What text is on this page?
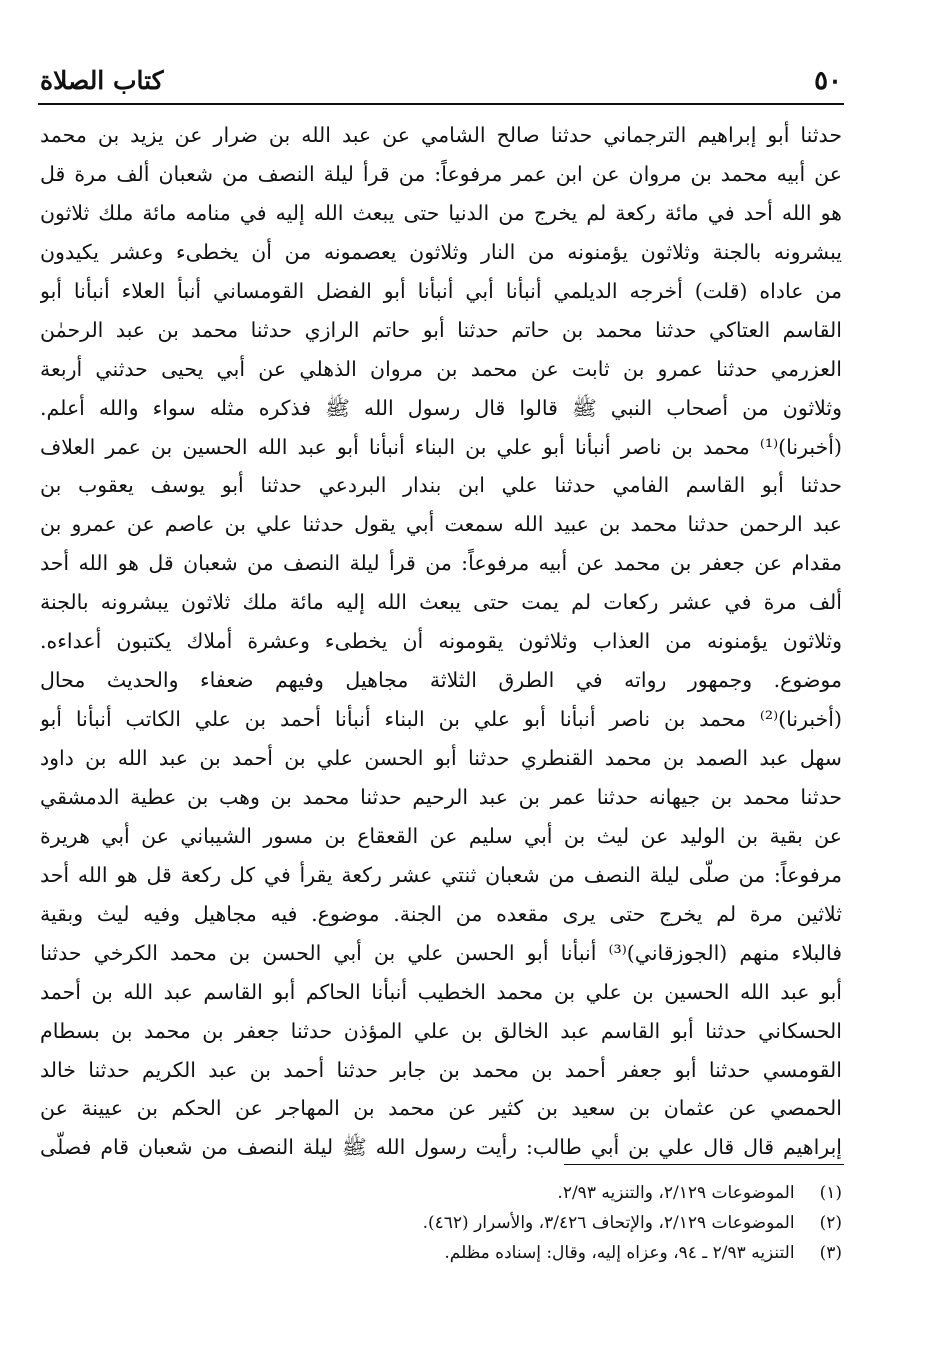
٥٠
كتاب الصلاة
حدثنا أبو إبراهيم الترجماني حدثنا صالح الشامي عن عبد الله بن ضرار عن يزيد بن محمد
عن أبيه محمد بن مروان عن ابن عمر مرفوعاً: من قرأ ليلة النصف من شعبان ألف مرة قل
هو الله أحد في مائة ركعة لم يخرج من الدنيا حتى يبعث الله إليه في منامه مائة ملك ثلاثون
يبشرونه بالجنة وثلاثون يؤمنونه من النار وثلاثون يعصمونه من أن يخطىء وعشر يكيدون
من عاداه (قلت) أخرجه الديلمي أنبأنا أبي أنبأنا أبو الفضل القومساني أنبأ العلاء أنبأنا أبو
القاسم العتاكي حدثنا محمد بن حاتم حدثنا أبو حاتم الرازي حدثنا محمد بن عبد الرحمٰن
العزرمي حدثنا عمرو بن ثابت عن محمد بن مروان الذهلي عن أبي يحيى حدثني أربعة
وثلاثون من أصحاب النبي ﷺ قالوا قال رسول الله ﷺ فذكره مثله سواء والله أعلم.
(أخبرنا)⁽¹⁾ محمد بن ناصر أنبأنا أبو علي بن البناء أنبأنا أبو عبد الله الحسين بن عمر العلاف
حدثنا أبو القاسم الفامي حدثنا علي ابن بندار البردعي حدثنا أبو يوسف يعقوب بن
عبد الرحمن حدثنا محمد بن عبيد الله سمعت أبي يقول حدثنا علي بن عاصم عن عمرو بن
مقدام عن جعفر بن محمد عن أبيه مرفوعاً: من قرأ ليلة النصف من شعبان قل هو الله أحد
ألف مرة في عشر ركعات لم يمت حتى يبعث الله إليه مائة ملك ثلاثون يبشرونه بالجنة
وثلاثون يؤمنونه من العذاب وثلاثون يقومونه أن يخطىء وعشرة أملاك يكتبون أعداءه.
موضوع. وجمهور رواته في الطرق الثلاثة مجاهيل وفيهم ضعفاء والحديث محال
(أخبرنا)⁽²⁾ محمد بن ناصر أنبأنا أبو علي بن البناء أنبأنا أحمد بن علي الكاتب أنبأنا أبو
سهل عبد الصمد بن محمد القنطري حدثنا أبو الحسن علي بن أحمد بن عبد الله بن داود
حدثنا محمد بن جيهانه حدثنا عمر بن عبد الرحيم حدثنا محمد بن وهب بن عطية الدمشقي
عن بقية بن الوليد عن ليث بن أبي سليم عن القعقاع بن مسور الشيباني عن أبي هريرة
مرفوعاً: من صلّى ليلة النصف من شعبان ثنتي عشر ركعة يقرأ في كل ركعة قل هو الله أحد
ثلاثين مرة لم يخرج حتى يرى مقعده من الجنة. موضوع. فيه مجاهيل وفيه ليث وبقية
فالبلاء منهم (الجوزقاني)⁽³⁾ أنبأنا أبو الحسن علي بن أبي الحسن بن محمد الكرخي حدثنا
أبو عبد الله الحسين بن علي بن محمد الخطيب أنبأنا الحاكم أبو القاسم عبد الله بن أحمد
الحسكاني حدثنا أبو القاسم عبد الخالق بن علي المؤذن حدثنا جعفر بن محمد بن بسطام
القومسي حدثنا أبو جعفر أحمد بن محمد بن جابر حدثنا أحمد بن عبد الكريم حدثنا خالد
الحمصي عن عثمان بن سعيد بن كثير عن محمد بن المهاجر عن الحكم بن عيينة عن
إبراهيم قال قال علي بن أبي طالب: رأيت رسول الله ﷺ ليلة النصف من شعبان قام فصلّى
(١) الموضوعات ٢/١٢٩، والتنزيه ٢/٩٣.
(٢) الموضوعات ٢/١٢٩، والإتحاف ٣/٤٢٦، والأسرار (٤٦٢).
(٣) التنزيه ٢/٩٣ ـ ٩٤، وعزاه إليه، وقال: إسناده مظلم.
